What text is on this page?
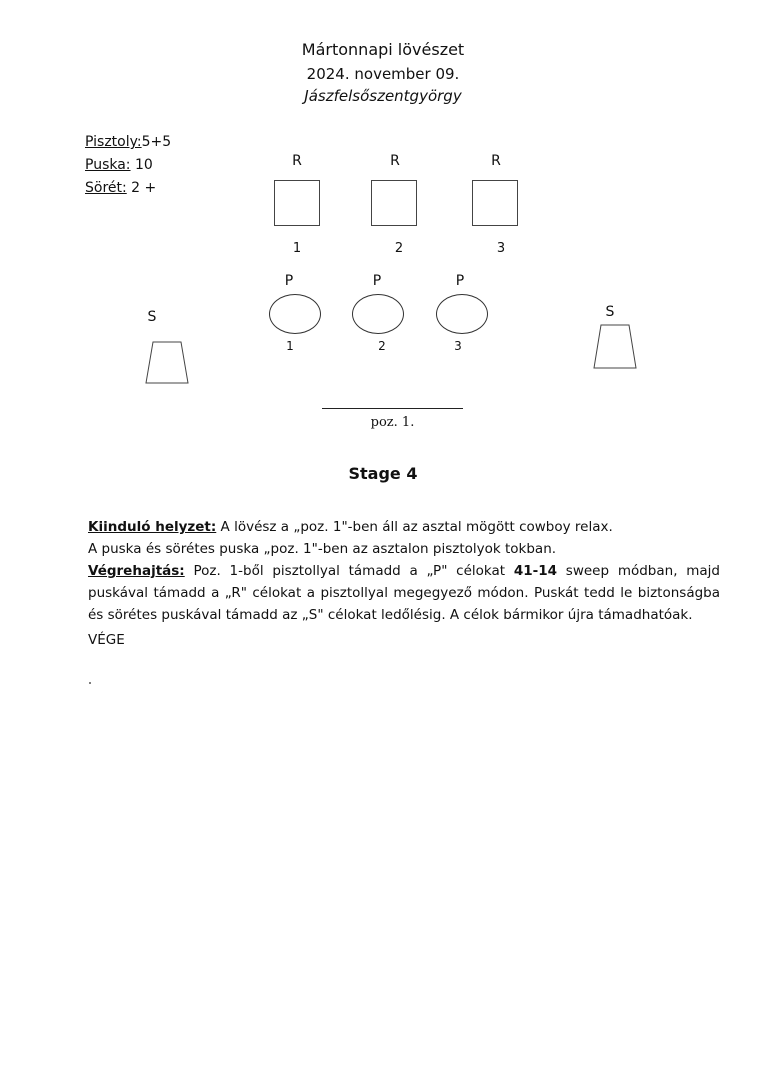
Mártonnapi lövészet
2024. november 09.
Jászfelsőszentgyörgy
Pisztoly:5+5
Puska: 10
Sörét: 2 +
R
1
R
2
R
3
P
1
P
2
P
3
S	S
poz. 1.
Stage 4
Kiinduló helyzet: A lövész a „poz. 1"-ben áll az asztal mögött cowboy relax.
A puska és sörétes puska „poz. 1"-ben az asztalon pisztolyok tokban.
Végrehajtás: Poz. 1-ből pisztollyal támadd a „P" célokat 41-14 sweep módban, majd puskával támadd a „R" célokat a pisztollyal megegyező módon. Puskát tedd le biztonságba és sörétes puskával támadd az „S" célokat ledőlésig. A célok bármikor újra támadhatóak.
VÉGE
